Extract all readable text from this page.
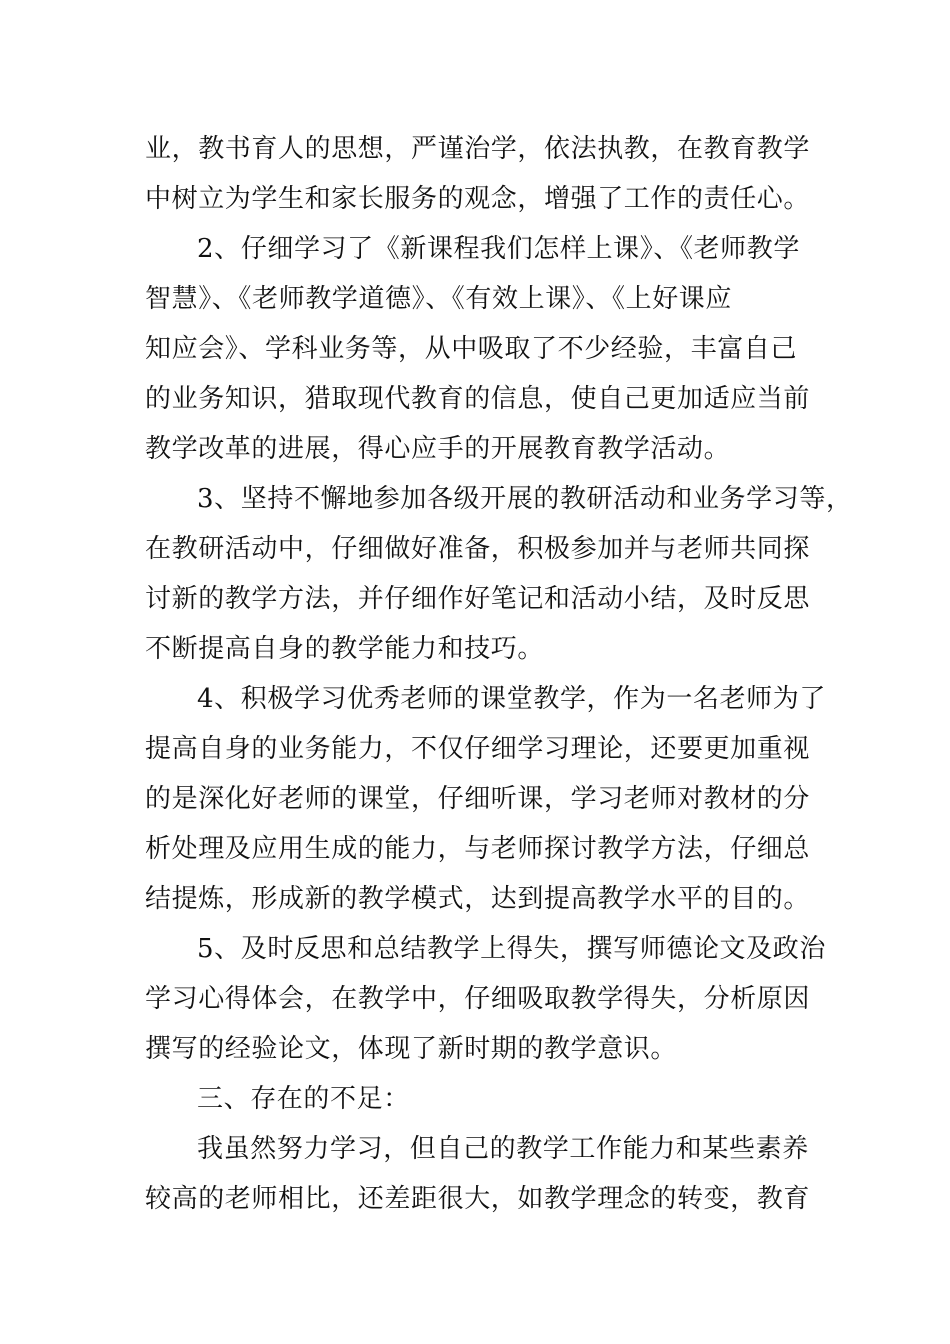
业，教书育人的思想，严谨治学，依法执教，在教育教学
中树立为学生和家长服务的观念，增强了工作的责任心。
2、仔细学习了《新课程我们怎样上课》、《老师教学
智慧》、《老师教学道德》、《有效上课》、《上好课应
知应会》、学科业务等，从中吸取了不少经验，丰富自己
的业务知识，猎取现代教育的信息，使自己更加适应当前
教学改革的进展，得心应手的开展教育教学活动。
3、坚持不懈地参加各级开展的教研活动和业务学习等，
在教研活动中，仔细做好准备，积极参加并与老师共同探
讨新的教学方法，并仔细作好笔记和活动小结，及时反思
不断提高自身的教学能力和技巧。
4、积极学习优秀老师的课堂教学，作为一名老师为了
提高自身的业务能力，不仅仔细学习理论，还要更加重视
的是深化好老师的课堂，仔细听课，学习老师对教材的分
析处理及应用生成的能力，与老师探讨教学方法，仔细总
结提炼，形成新的教学模式，达到提高教学水平的目的。
5、及时反思和总结教学上得失，撰写师德论文及政治
学习心得体会，在教学中，仔细吸取教学得失，分析原因
撰写的经验论文，体现了新时期的教学意识。
三、存在的不足：
我虽然努力学习，但自己的教学工作能力和某些素养
较高的老师相比，还差距很大，如教学理念的转变，教育
